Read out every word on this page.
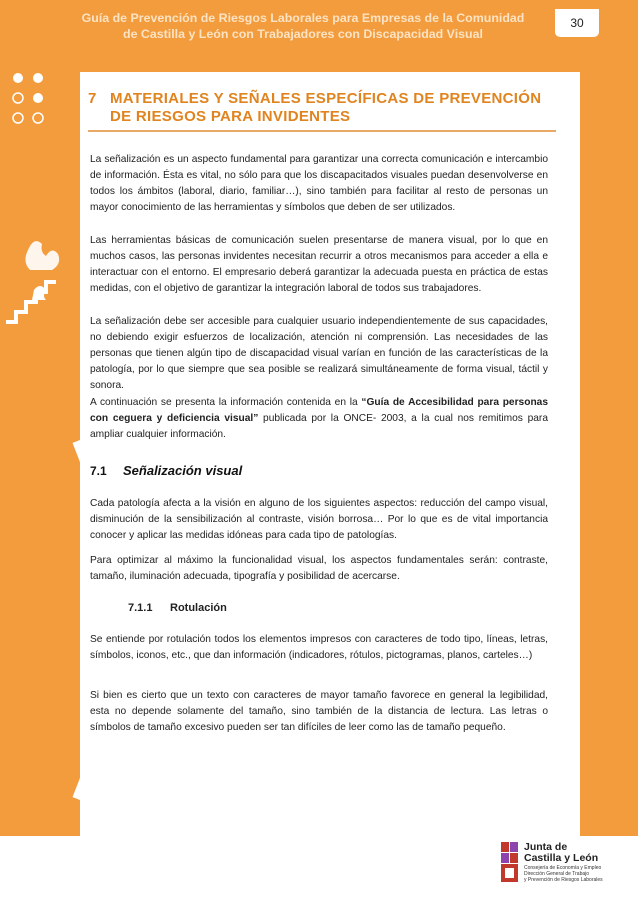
Guía de Prevención de Riesgos Laborales para Empresas de la Comunidad
de Castilla y León con Trabajadores con Discapacidad Visual
30
7 MATERIALES Y SEÑALES ESPECÍFICAS DE PREVENCIÓN
DE RIESGOS PARA INVIDENTES

La señalización es un aspecto fundamental para garantizar una correcta comunicación e intercambio de información. Ésta es vital, no sólo para que los discapacitados visuales puedan desenvolverse en todos los ámbitos (laboral, diario, familiar…), sino también para facilitar al resto de personas un mayor conocimiento de las herramientas y símbolos que deben de ser utilizados.

Las herramientas básicas de comunicación suelen presentarse de manera visual, por lo que en muchos casos, las personas invidentes necesitan recurrir a otros mecanismos para acceder a ella e interactuar con el entorno. El empresario deberá garantizar la adecuada puesta en práctica de estas medidas, con el objetivo de garantizar la integración laboral de todos sus trabajadores.

La señalización debe ser accesible para cualquier usuario independientemente de sus capacidades, no debiendo exigir esfuerzos de localización, atención ni comprensión. Las necesidades de las personas que tienen algún tipo de discapacidad visual varían en función de las características de la patología, por lo que siempre que sea posible se realizará simultáneamente de forma visual, táctil y sonora.

A continuación se presenta la información contenida en la “Guía de Accesibilidad para personas con ceguera y deficiencia visual” publicada por la ONCE- 2003, a la cual nos remitimos para ampliar cualquier información.

7.1 Señalización visual

Cada patología afecta a la visión en alguno de los siguientes aspectos: reducción del campo visual, disminución de la sensibilización al contraste, visión borrosa… Por lo que es de vital importancia conocer y aplicar las medidas idóneas para cada tipo de patologías.

Para optimizar al máximo la funcionalidad visual, los aspectos fundamentales serán: contraste, tamaño, iluminación adecuada, tipografía y posibilidad de acercarse.

7.1.1 Rotulación

Se entiende por rotulación todos los elementos impresos con caracteres de todo tipo, líneas, letras, símbolos, iconos, etc., que dan información (indicadores, rótulos, pictogramas, planos, carteles…)

Si bien es cierto que un texto con caracteres de mayor tamaño favorece en general la legibilidad, esta no depende solamente del tamaño, sino también de la distancia de lectura. Las letras o símbolos de tamaño excesivo pueden ser tan difíciles de leer como las de tamaño pequeño.

Junta de
Castilla y León
Consejería de Economía y Empleo
Dirección General de Trabajo
y Prevención de Riesgos Laborales
